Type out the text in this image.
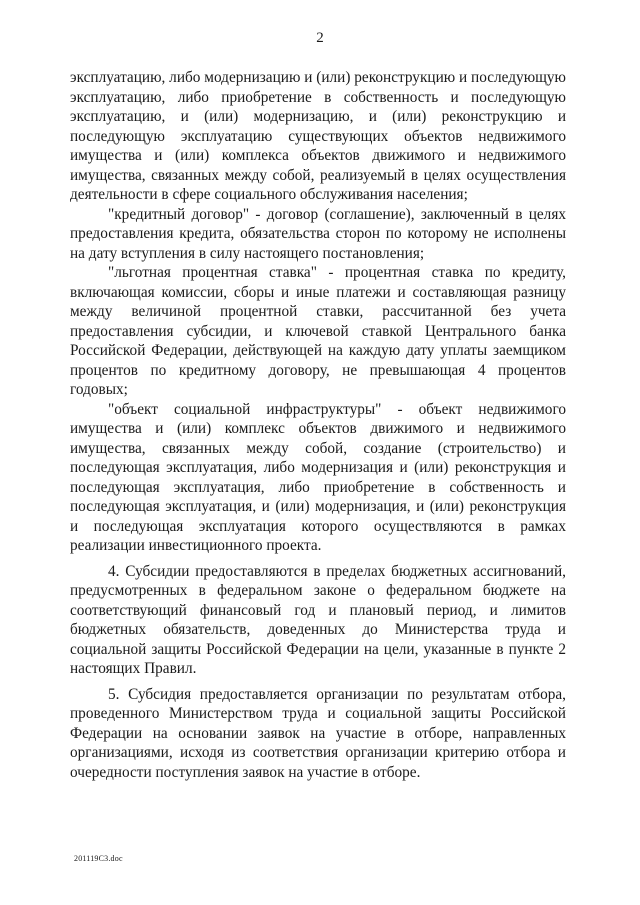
2

эксплуатацию, либо модернизацию и (или) реконструкцию и последующую эксплуатацию, либо приобретение в собственность и последующую эксплуатацию, и (или) модернизацию, и (или) реконструкцию и последующую эксплуатацию существующих объектов недвижимого имущества и (или) комплекса объектов движимого и недвижимого имущества, связанных между собой, реализуемый в целях осуществления деятельности в сфере социального обслуживания населения;

"кредитный договор" - договор (соглашение), заключенный в целях предоставления кредита, обязательства сторон по которому не исполнены на дату вступления в силу настоящего постановления;

"льготная процентная ставка" - процентная ставка по кредиту, включающая комиссии, сборы и иные платежи и составляющая разницу между величиной процентной ставки, рассчитанной без учета предоставления субсидии, и ключевой ставкой Центрального банка Российской Федерации, действующей на каждую дату уплаты заемщиком процентов по кредитному договору, не превышающая 4 процентов годовых;

"объект социальной инфраструктуры" - объект недвижимого имущества и (или) комплекс объектов движимого и недвижимого имущества, связанных между собой, создание (строительство) и последующая эксплуатация, либо модернизация и (или) реконструкция и последующая эксплуатация, либо приобретение в собственность и последующая эксплуатация, и (или) модернизация, и (или) реконструкция и последующая эксплуатация которого осуществляются в рамках реализации инвестиционного проекта.

4. Субсидии предоставляются в пределах бюджетных ассигнований, предусмотренных в федеральном законе о федеральном бюджете на соответствующий финансовый год и плановый период, и лимитов бюджетных обязательств, доведенных до Министерства труда и социальной защиты Российской Федерации на цели, указанные в пункте 2 настоящих Правил.

5. Субсидия предоставляется организации по результатам отбора, проведенного Министерством труда и социальной защиты Российской Федерации на основании заявок на участие в отборе, направленных организациями, исходя из соответствия организации критерию отбора и очередности поступления заявок на участие в отборе.

201119С3.doc
